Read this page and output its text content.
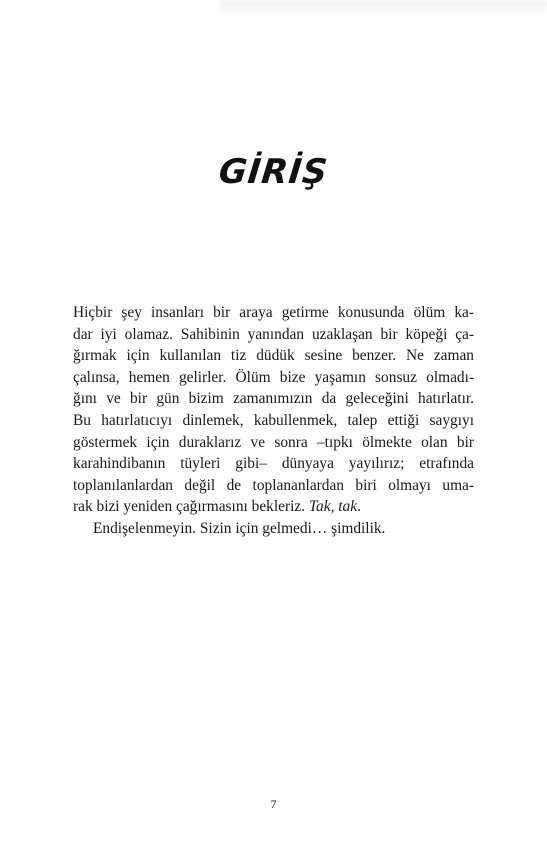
GİRİŞ
Hiçbir şey insanları bir araya getirme konusunda ölüm ka-
dar iyi olamaz. Sahibinin yanından uzaklaşan bir köpeği ça-
ğırmak için kullanılan tiz düdük sesine benzer. Ne zaman
çalınsa, hemen gelirler. Ölüm bize yaşamın sonsuz olmadı-
ğını ve bir gün bizim zamanımızın da geleceğini hatırlatır.
Bu hatırlatıcıyı dinlemek, kabullenmek, talep ettiği saygıyı
göstermek için duraklarız ve sonra –tıpkı ölmekte olan bir
karahindibanın tüyleri gibi– dünyaya yayılırız; etrafında
toplanılanlardan değil de toplananlardan biri olmayı uma-
rak bizi yeniden çağırmasını bekleriz. Tak, tak.
Endişelenmeyin. Sizin için gelmedi… şimdilik.
7
